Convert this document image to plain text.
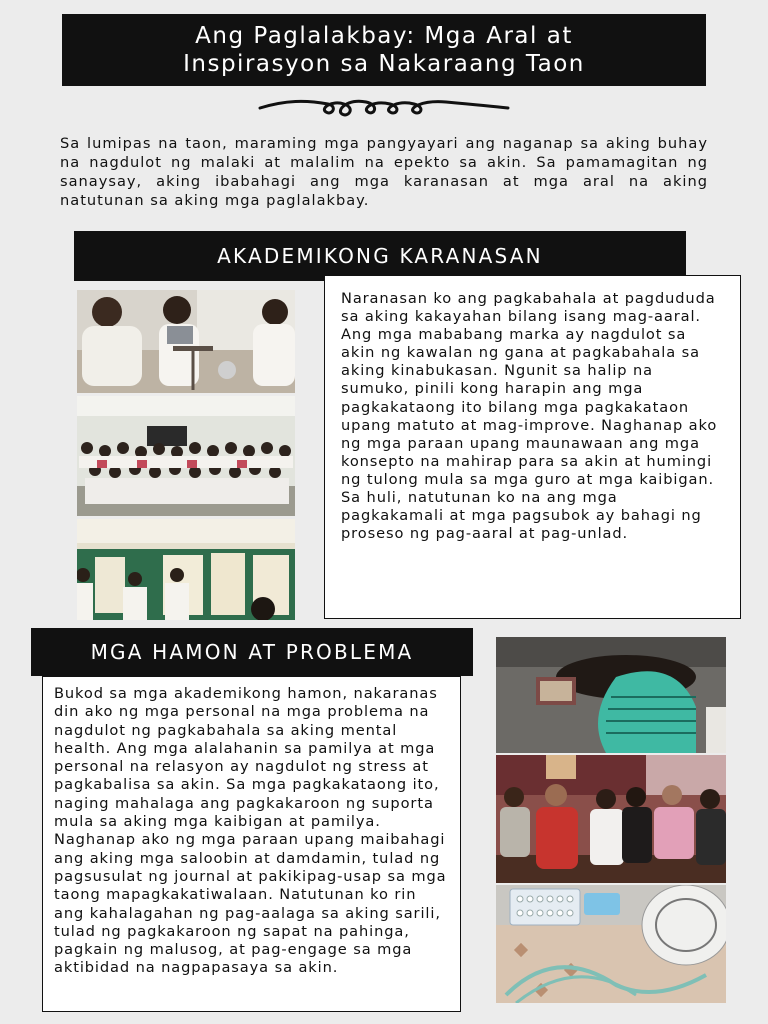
Ang Paglalakbay: Mga Aral at Inspirasyon sa Nakaraang Taon

Sa lumipas na taon, maraming mga pangyayari ang naganap sa aking buhay na nagdulot ng malaki at malalim na epekto sa akin. Sa pamamagitan ng sanaysay, aking ibabahagi ang mga karanasan at mga aral na aking natutunan sa aking mga paglalakbay.

AKADEMIKONG KARANASAN

Naranasan ko ang pagkabahala at pagdududa sa aking kakayahan bilang isang mag-aaral. Ang mga mababang marka ay nagdulot sa akin ng kawalan ng gana at pagkabahala sa aking kinabukasan. Ngunit sa halip na sumuko, pinili kong harapin ang mga pagkakataong ito bilang mga pagkakataon upang matuto at mag-improve. Naghanap ako ng mga paraan upang maunawaan ang mga konsepto na mahirap para sa akin at humingi ng tulong mula sa mga guro at mga kaibigan. Sa huli, natutunan ko na ang mga pagkakamali at mga pagsubok ay bahagi ng proseso ng pag-aaral at pag-unlad.

MGA HAMON AT PROBLEMA

Bukod sa mga akademikong hamon, nakaranas din ako ng mga personal na mga problema na nagdulot ng pagkabahala sa aking mental health. Ang mga alalahanin sa pamilya at mga personal na relasyon ay nagdulot ng stress at pagkabalisa sa akin. Sa mga pagkakataong ito, naging mahalaga ang pagkakaroon ng suporta mula sa aking mga kaibigan at pamilya. Naghanap ako ng mga paraan upang maibahagi ang aking mga saloobin at damdamin, tulad ng pagsusulat ng journal at pakikipag-usap sa mga taong mapagkakatiwalaan. Natutunan ko rin ang kahalagahan ng pag-aalaga sa aking sarili, tulad ng pagkakaroon ng sapat na pahinga, pagkain ng malusog, at pag-engage sa mga aktibidad na nagpapasaya sa akin.
